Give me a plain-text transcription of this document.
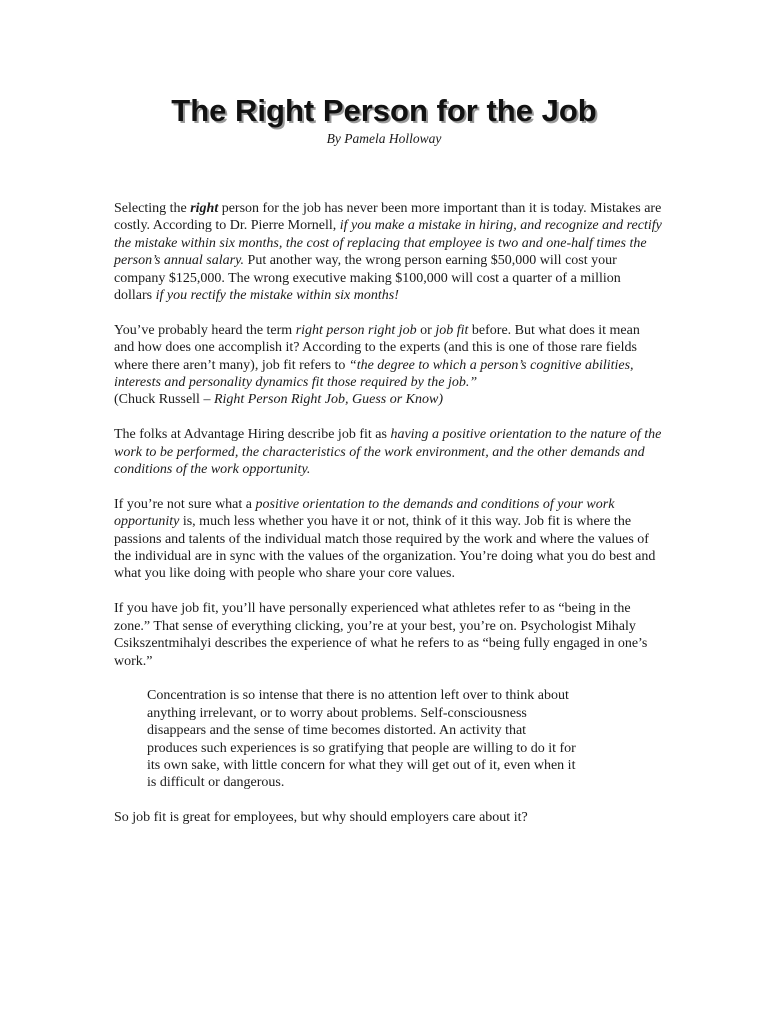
The Right Person for the Job
By Pamela Holloway

Selecting the right person for the job has never been more important than it is today. Mistakes are costly. According to Dr. Pierre Mornell, if you make a mistake in hiring, and recognize and rectify the mistake within six months, the cost of replacing that employee is two and one-half times the person’s annual salary. Put another way, the wrong person earning $50,000 will cost your company $125,000. The wrong executive making $100,000 will cost a quarter of a million dollars if you rectify the mistake within six months!

You’ve probably heard the term right person right job or job fit before. But what does it mean and how does one accomplish it? According to the experts (and this is one of those rare fields where there aren’t many), job fit refers to “the degree to which a person’s cognitive abilities, interests and personality dynamics fit those required by the job.”
(Chuck Russell – Right Person Right Job, Guess or Know)

The folks at Advantage Hiring describe job fit as having a positive orientation to the nature of the work to be performed, the characteristics of the work environment, and the other demands and conditions of the work opportunity.

If you’re not sure what a positive orientation to the demands and conditions of your work opportunity is, much less whether you have it or not, think of it this way. Job fit is where the passions and talents of the individual match those required by the work and where the values of the individual are in sync with the values of the organization. You’re doing what you do best and what you like doing with people who share your core values.

If you have job fit, you’ll have personally experienced what athletes refer to as “being in the zone.” That sense of everything clicking, you’re at your best, you’re on. Psychologist Mihaly Csikszentmihalyi describes the experience of what he refers to as “being fully engaged in one’s work.”

Concentration is so intense that there is no attention left over to think about anything irrelevant, or to worry about problems. Self-consciousness disappears and the sense of time becomes distorted. An activity that produces such experiences is so gratifying that people are willing to do it for its own sake, with little concern for what they will get out of it, even when it is difficult or dangerous.

So job fit is great for employees, but why should employers care about it?
